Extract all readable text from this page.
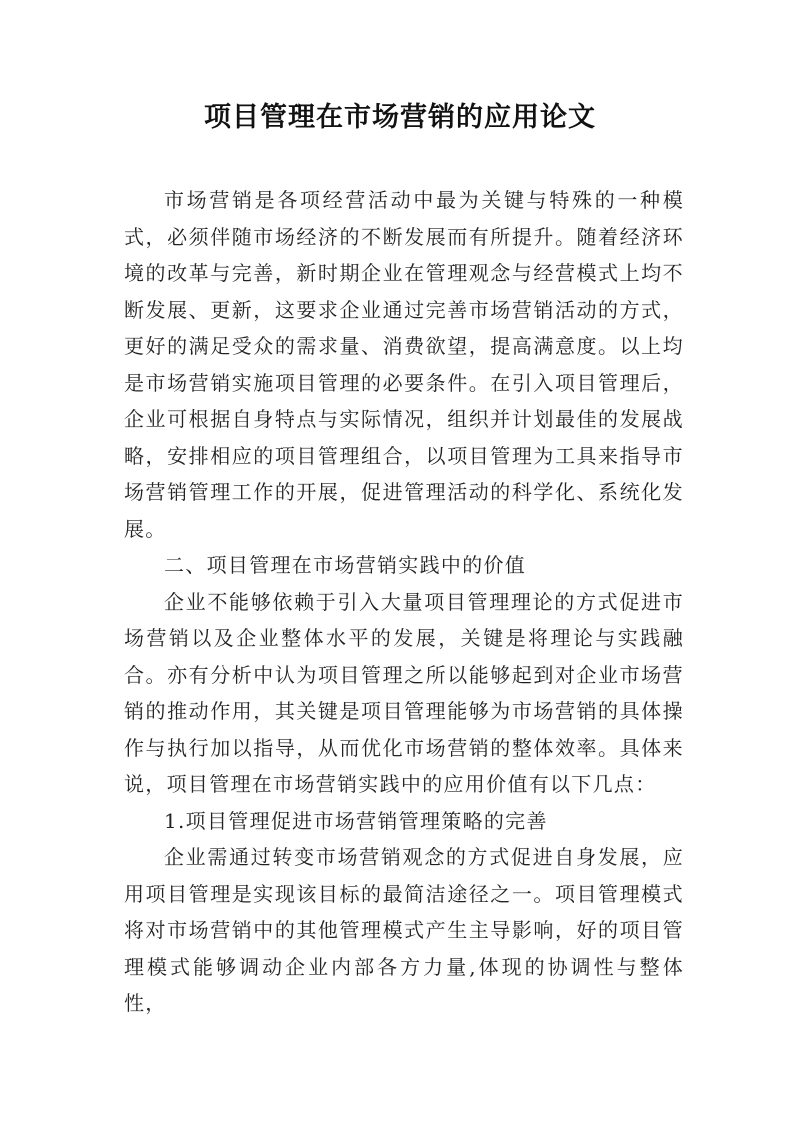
项目管理在市场营销的应用论文

市场营销是各项经营活动中最为关键与特殊的一种模式，必须伴随市场经济的不断发展而有所提升。随着经济环境的改革与完善，新时期企业在管理观念与经营模式上均不断发展、更新，这要求企业通过完善市场营销活动的方式，更好的满足受众的需求量、消费欲望，提高满意度。以上均是市场营销实施项目管理的必要条件。在引入项目管理后，企业可根据自身特点与实际情况，组织并计划最佳的发展战略，安排相应的项目管理组合，以项目管理为工具来指导市场营销管理工作的开展，促进管理活动的科学化、系统化发展。

二、项目管理在市场营销实践中的价值

企业不能够依赖于引入大量项目管理理论的方式促进市场营销以及企业整体水平的发展，关键是将理论与实践融合。亦有分析中认为项目管理之所以能够起到对企业市场营销的推动作用，其关键是项目管理能够为市场营销的具体操作与执行加以指导，从而优化市场营销的整体效率。具体来说，项目管理在市场营销实践中的应用价值有以下几点：

1.项目管理促进市场营销管理策略的完善

企业需通过转变市场营销观念的方式促进自身发展，应用项目管理是实现该目标的最简洁途径之一。项目管理模式将对市场营销中的其他管理模式产生主导影响，好的项目管理模式能够调动企业内部各方力量,体现的协调性与整体性，
